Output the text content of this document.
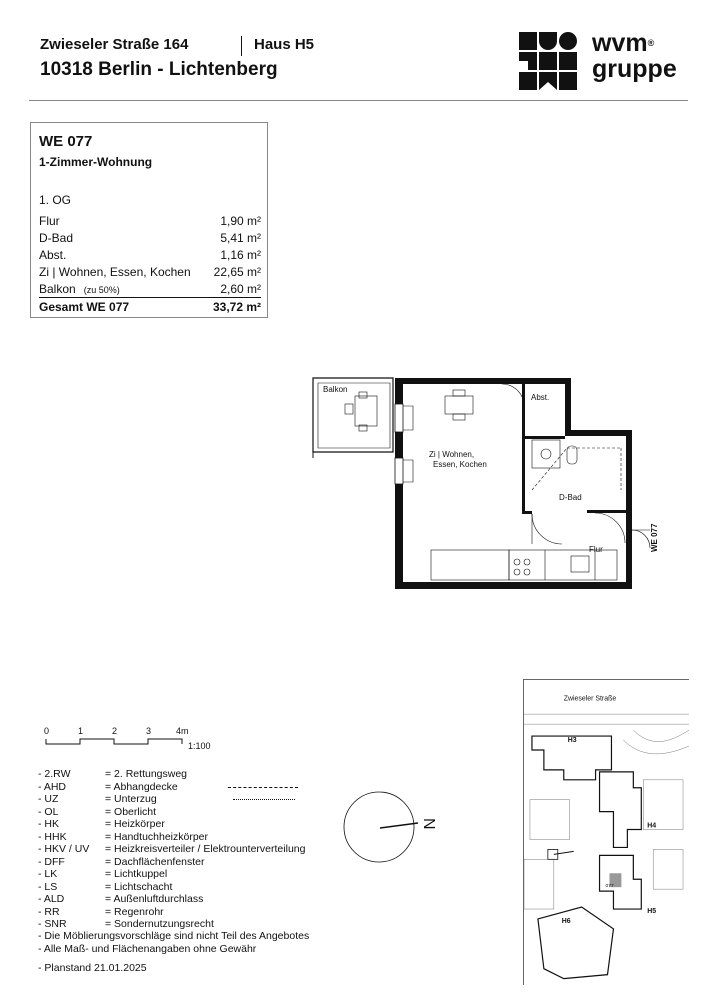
Zwieseler Straße 164	Haus H5
10318 Berlin - Lichtenberg
wvm®
gruppe
WE 077
1-Zimmer-Wohnung
1. OG
Flur	1,90 m²
D-Bad	5,41 m²
Abst.	1,16 m²
Zi | Wohnen, Essen, Kochen 22,65 m²
Balkon (zu 50%)	2,60 m²
Gesamt WE 077	33,72 m²
Balkon
Abst.
Zi | Wohnen,
Essen, Kochen
D-Bad
Flur	WE 077
0	1	2	3	4m
1:100
- 2.RW	= 2. Rettungsweg
- AHD	= Abhangdecke
- UZ	= Unterzug
- OL	= Oberlicht
- HK	= Heizkörper
- HHK	= Handtuchheizkörper
- HKV / UV = Heizkreisverteiler / Elektrounterverteilung
- DFF	= Dachflächenfenster
- LK	= Lichtkuppel
- LS	= Lichtschacht
- ALD	= Außenluftdurchlass
- RR	= Regenrohr
- SNR	= Sondernutzungsrecht
- Die Möblierungsvorschläge sind nicht Teil des Angebotes
- Alle Maß- und Flächenangaben ohne Gewähr
- Planstand 21.01.2025
N
Zwieseler Straße
H3
H4
H5
H6
077
